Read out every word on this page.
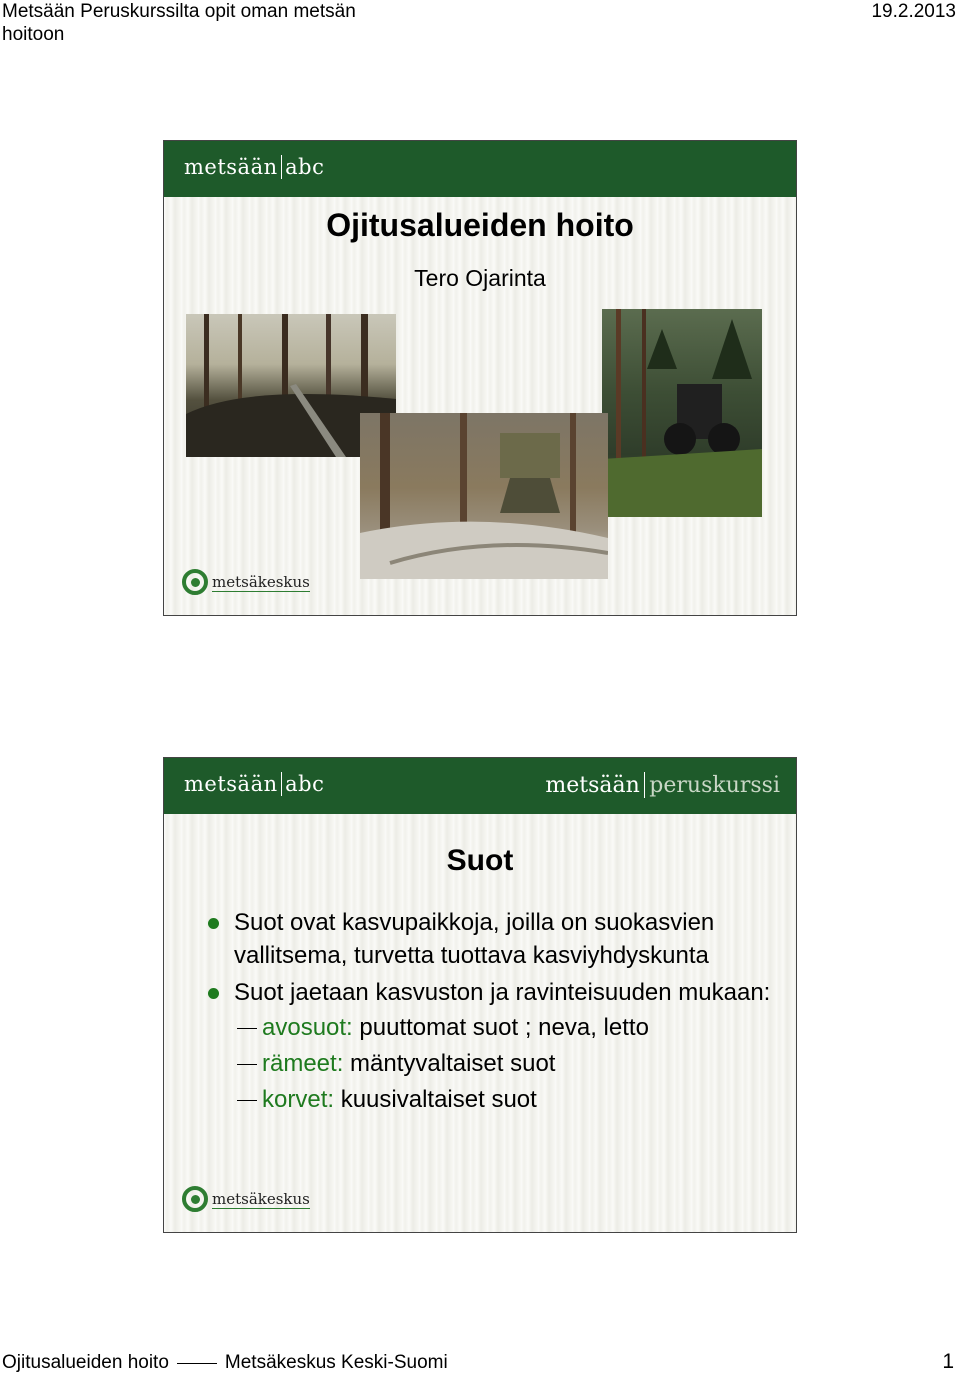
Metsään Peruskurssilta opit oman metsän
hoitoon
19.2.2013
metsään abc
Ojitusalueiden hoito
Tero Ojarinta
metsäkeskus
metsään abc	metsään peruskurssi
Suot
Suot ovat kasvupaikkoja, joilla on suokasvien vallitsema, turvetta tuottava kasviyhdyskunta
Suot jaetaan kasvuston ja ravinteisuuden mukaan:
avosuot: puuttomat suot ; neva, letto
rämeet: mäntyvaltaiset suot
korvet: kuusivaltaiset suot
metsäkeskus
Ojitusalueiden hoito	Metsäkeskus Keski-Suomi	1
